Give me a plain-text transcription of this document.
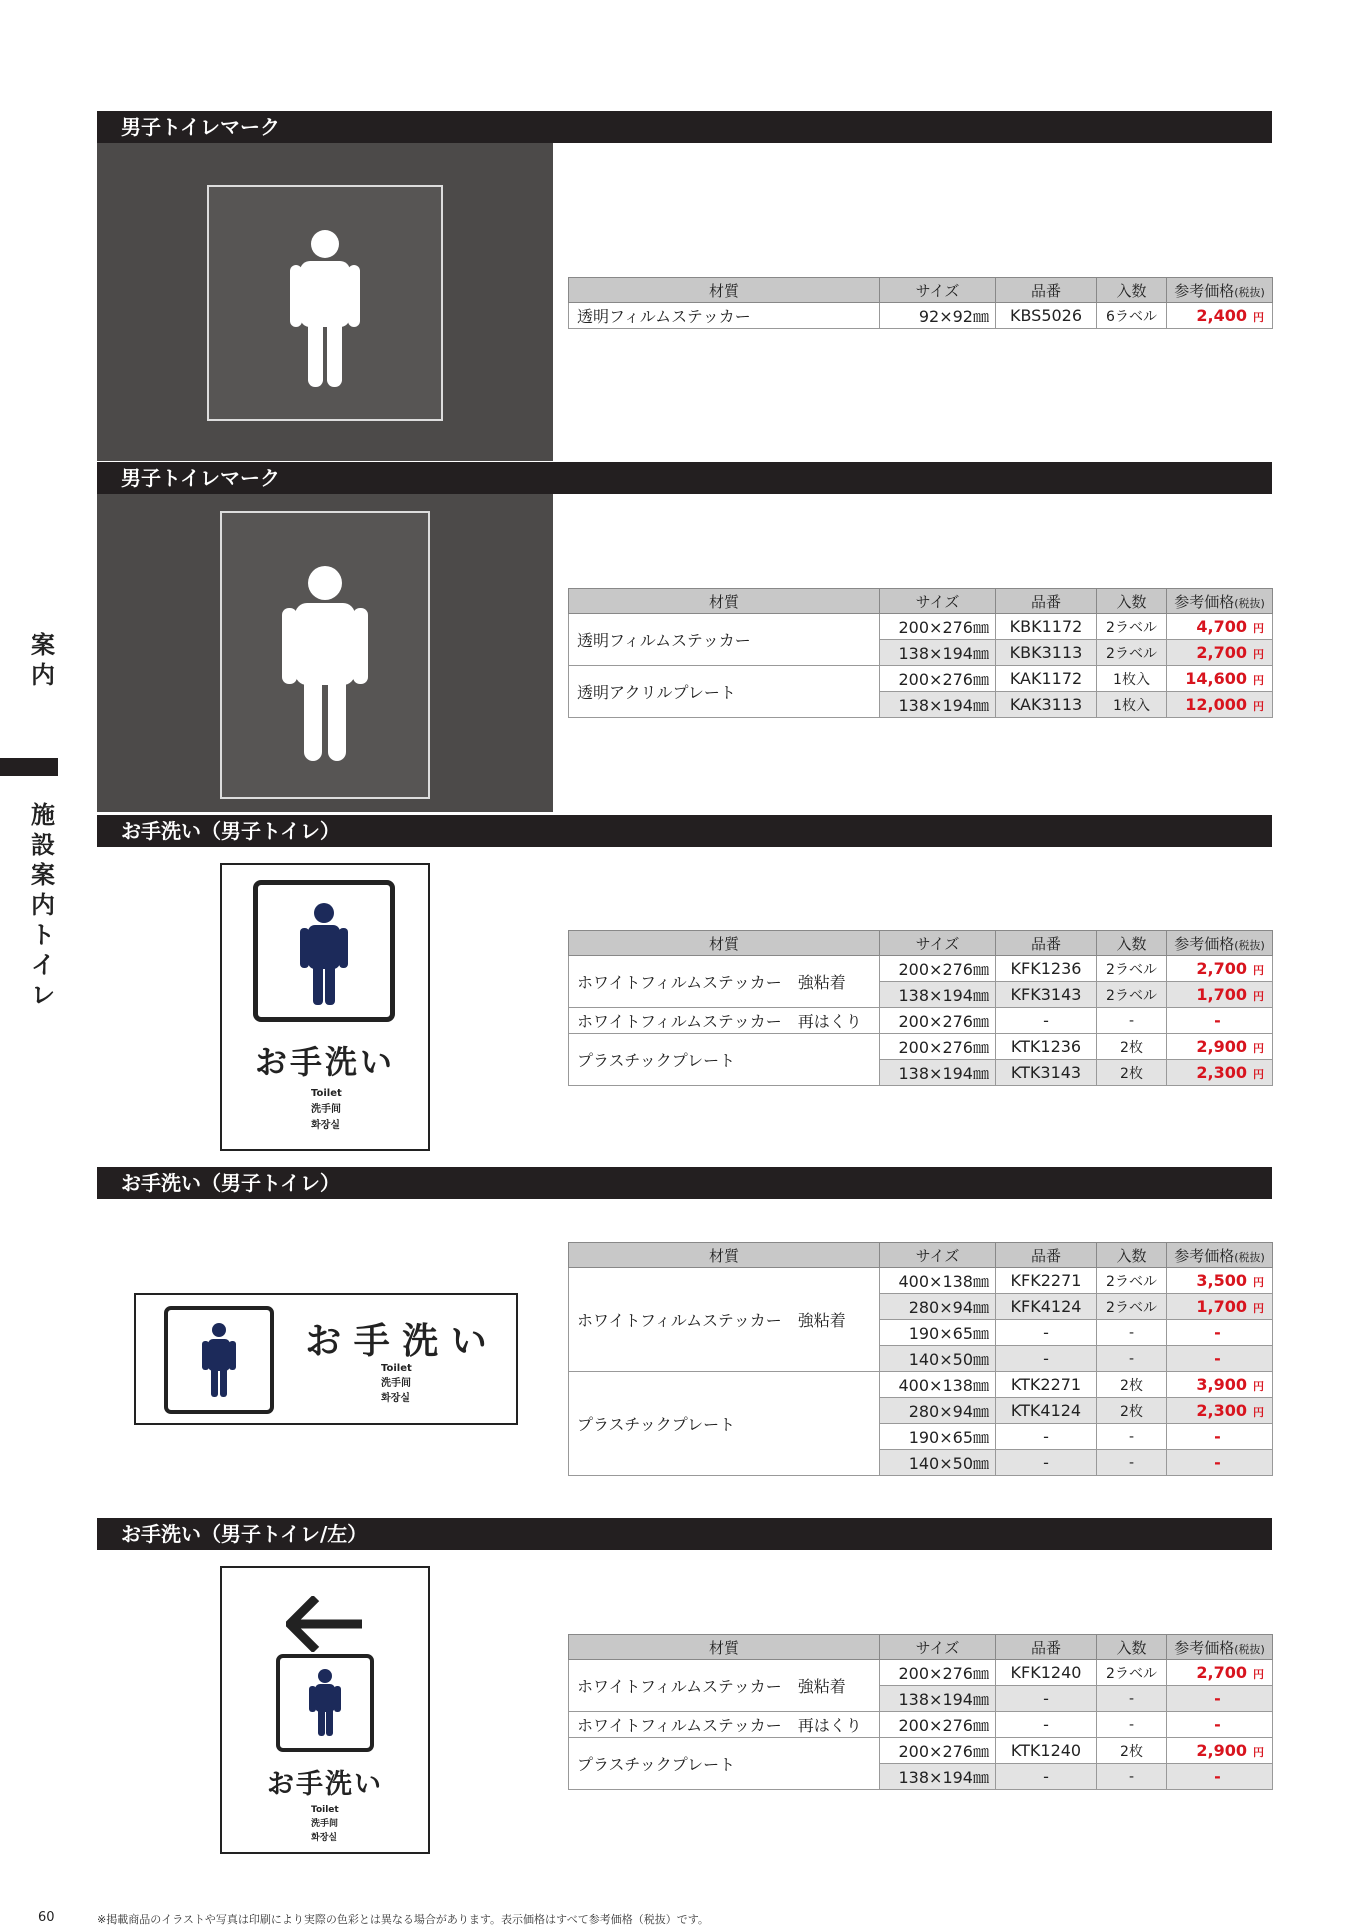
案　内
施設案内　トイレ
男子トイレマーク
材質	サイズ	品番	入数	参考価格(税抜)
透明フィルムステッカー	92×92㎜	KBS5026	6ラベル	2,400 円
男子トイレマーク
材質	サイズ	品番	入数	参考価格(税抜)
透明フィルムステッカー	200×276㎜	KBK1172	2ラベル	4,700 円
	138×194㎜	KBK3113	2ラベル	2,700 円
透明アクリルプレート	200×276㎜	KAK1172	1枚入	14,600 円
	138×194㎜	KAK3113	1枚入	12,000 円
お手洗い（男子トイレ）
お手洗い
Toilet
洗手间
화장실
材質	サイズ	品番	入数	参考価格(税抜)
ホワイトフィルムステッカー　強粘着	200×276㎜	KFK1236	2ラベル	2,700 円
	138×194㎜	KFK3143	2ラベル	1,700 円
ホワイトフィルムステッカー　再はくり	200×276㎜	-	-	-
プラスチックプレート	200×276㎜	KTK1236	2枚	2,900 円
	138×194㎜	KTK3143	2枚	2,300 円
お手洗い（男子トイレ）
お 手 洗 い
Toilet
洗手间
화장실
材質	サイズ	品番	入数	参考価格(税抜)
ホワイトフィルムステッカー　強粘着	400×138㎜	KFK2271	2ラベル	3,500 円
	280×94㎜	KFK4124	2ラベル	1,700 円
	190×65㎜	-	-	-
	140×50㎜	-	-	-
プラスチックプレート	400×138㎜	KTK2271	2枚	3,900 円
	280×94㎜	KTK4124	2枚	2,300 円
	190×65㎜	-	-	-
	140×50㎜	-	-	-
お手洗い（男子トイレ/左）
お手洗い
Toilet
洗手间
화장실
材質	サイズ	品番	入数	参考価格(税抜)
ホワイトフィルムステッカー　強粘着	200×276㎜	KFK1240	2ラベル	2,700 円
	138×194㎜	-	-	-
ホワイトフィルムステッカー　再はくり	200×276㎜	-	-	-
プラスチックプレート	200×276㎜	KTK1240	2枚	2,900 円
	138×194㎜	-	-	-
60	※掲載商品のイラストや写真は印刷により実際の色彩とは異なる場合があります。表示価格はすべて参考価格（税抜）です。
